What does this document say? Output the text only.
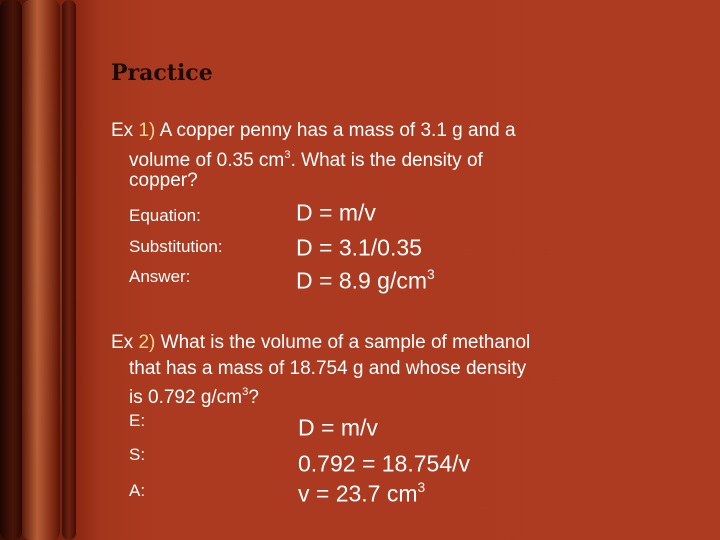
Practice
Ex 1) A copper penny has a mass of 3.1 g and a
volume of 0.35 $cm^3$. What is the density of
copper?
Equation:	D = m/v
Substitution:	D = 3.1/0.35
Answer:	D = 8.9 $g/cm^3$
Ex 2) What is the volume of a sample of methanol
that has a mass of 18.754 g and whose density
is 0.792 $g/cm^3$?
E:	D = m/v
S:	0.792 = 18.754/v
A:	v = 23.7 $cm^3$
